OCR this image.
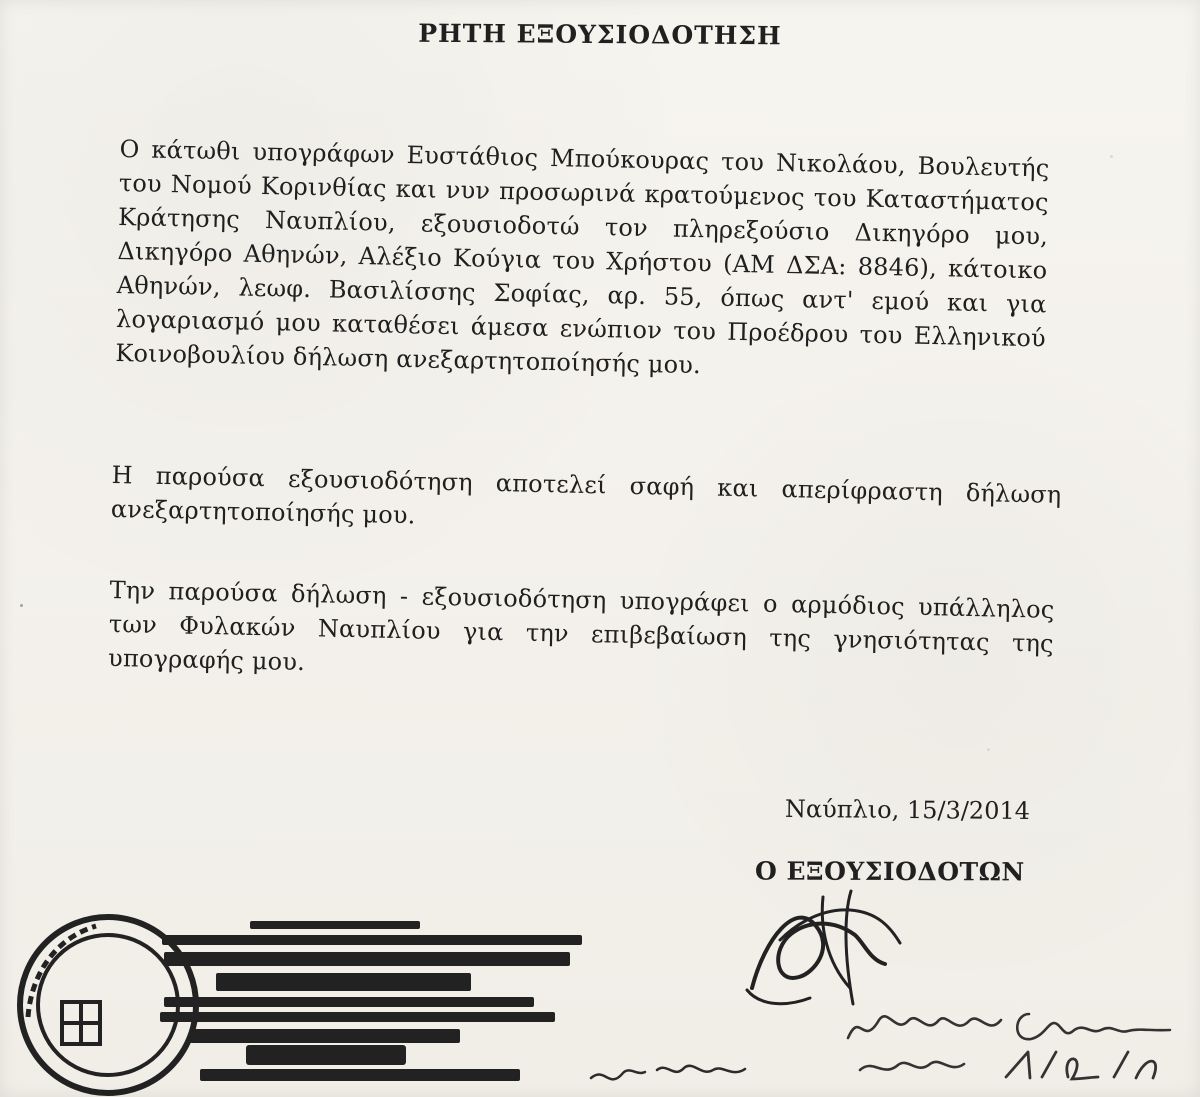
ΡΗΤΗ ΕΞΟΥΣΙΟΔΟΤΗΣΗ
Ο κάτωθι υπογράφων Ευστάθιος Μπούκουρας του Νικολάου, Βουλευτής του Νομού Κορινθίας και νυν προσωρινά κρατούμενος του Καταστήματος Κράτησης Ναυπλίου, εξουσιοδοτώ τον πληρεξούσιο Δικηγόρο μου, Δικηγόρο Αθηνών, Αλέξιο Κούγια του Χρήστου (ΑΜ ΔΣΑ: 8846), κάτοικο Αθηνών, λεωφ. Βασιλίσσης Σοφίας, αρ. 55, όπως αντ' εμού και για λογαριασμό μου καταθέσει άμεσα ενώπιον του Προέδρου του Ελληνικού Κοινοβουλίου δήλωση ανεξαρτητοποίησής μου.
Η παρούσα εξουσιοδότηση αποτελεί σαφή και απερίφραστη δήλωση ανεξαρτητοποίησής μου.
Την παρούσα δήλωση - εξουσιοδότηση υπογράφει ο αρμόδιος υπάλληλος των Φυλακών Ναυπλίου για την επιβεβαίωση της γνησιότητας της υπογραφής μου.
Ναύπλιο, 15/3/2014
Ο ΕΞΟΥΣΙΟΔΟΤΩΝ
